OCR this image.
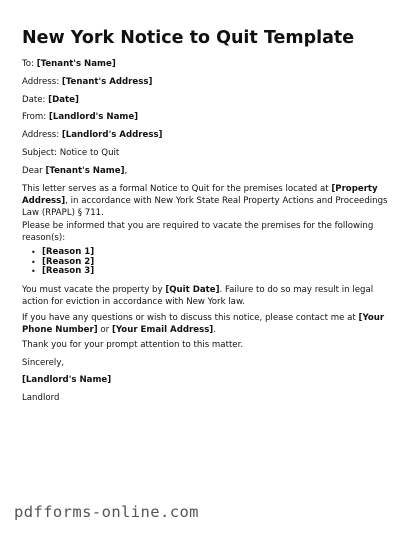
New York Notice to Quit Template
To: [Tenant's Name]
Address: [Tenant's Address]
Date: [Date]
From: [Landlord's Name]
Address: [Landlord's Address]
Subject: Notice to Quit
Dear [Tenant's Name],
This letter serves as a formal Notice to Quit for the premises located at [Property Address], in accordance with New York State Real Property Actions and Proceedings Law (RPAPL) § 711.
Please be informed that you are required to vacate the premises for the following reason(s):
• [Reason 1]
• [Reason 2]
• [Reason 3]
You must vacate the property by [Quit Date]. Failure to do so may result in legal action for eviction in accordance with New York law.
If you have any questions or wish to discuss this notice, please contact me at [Your Phone Number] or [Your Email Address].
Thank you for your prompt attention to this matter.
Sincerely,
[Landlord's Name]
Landlord
pdfforms-online.com
